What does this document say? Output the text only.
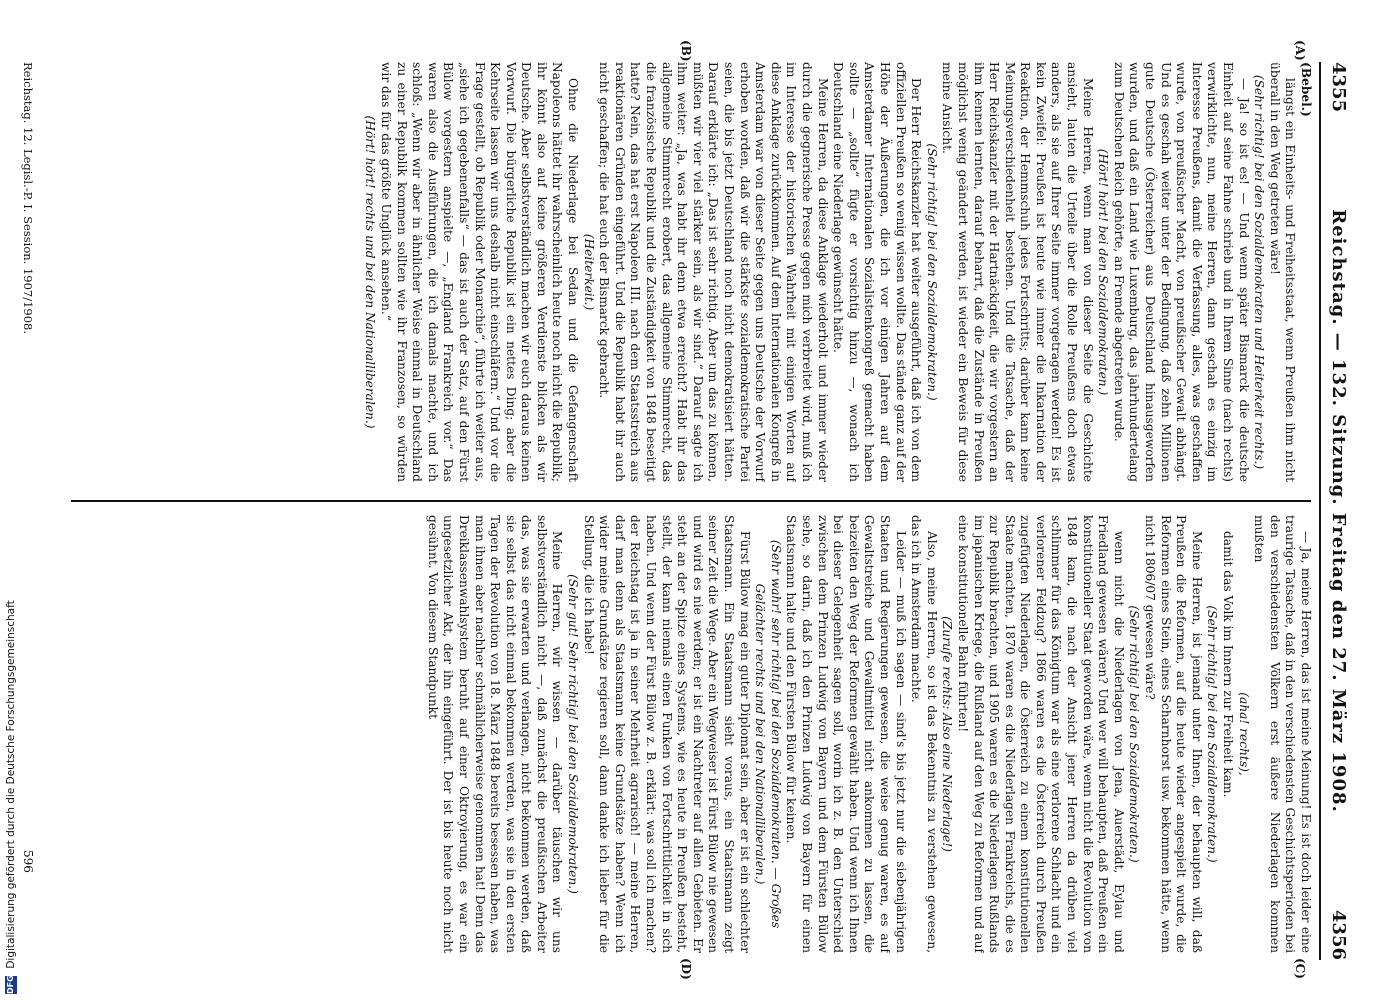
4355
Reichstag. — 132. Sitzung. Freitag den 27. März 1908.
4356
(A)
(B)
(C)
(D)

(Bebel.)

längst ein Einheits- und Freiheitsstaat, wenn Preußen ihm nicht überall in den Weg getreten wäre!

(Sehr richtig! bei den Sozialdemokraten und Heiterkeit rechts.)

— Ja! so ist es! — Und wenn später Bismarck die deutsche Einheit auf seine Fahne schrieb und in Ihrem Sinne (nach rechts) verwirklichte, nun, meine Herren, dann geschah es einzig im Interesse Preußens, damit die Verfassung, alles, was geschaffen wurde, von preußischer Macht, von preußischer Gewalt abhängt. Und es geschah weiter unter der Bedingung, daß zehn Millionen gute Deutsche (Österreicher) aus Deutschland hinausgeworfen wurden, und daß ein Land wie Luxemburg, das jahrhundertelang zum Deutschen Reich gehörte, an Fremde abgetreten wurde.

(Hört! hört! bei den Sozialdemokraten.)

Meine Herren, wenn man von dieser Seite die Geschichte ansieht, lauten die Urteile über die Rolle Preußens doch etwas anders, als sie auf Ihrer Seite immer vorgetragen werden! Es ist kein Zweifel: Preußen ist heute wie immer die Inkarnation der Reaktion, der Hemmschuh jedes Fortschritts; darüber kann keine Meinungsverschiedenheit bestehen. Und die Tatsache, daß der Herr Reichskanzler mit der Hartnäckigkeit, die wir vorgestern an ihm kennen lernten, darauf beharrt, daß die Zustände in Preußen möglichst wenig geändert werden, ist wieder ein Beweis für diese meine Ansicht.

(Sehr richtig! bei den Sozialdemokraten.)

Der Herr Reichskanzler hat weiter ausgeführt, daß ich von dem offiziellen Preußen so wenig wissen wollte. Das stände ganz auf der Höhe der Äußerungen, die ich vor einigen Jahren auf dem Amsterdamer Internationalen Sozialistenkongreß gemacht haben sollte — „sollte“ fügte er vorsichtig hinzu —, wonach ich Deutschland eine Niederlage gewünscht hätte.

Meine Herren, da diese Anklage wiederholt und immer wieder durch die gegnerische Presse gegen mich verbreitet wird, muß ich im Interesse der historischen Wahrheit mit einigen Worten auf diese Anklage zurückkommen. Auf dem Internationalen Kongreß in Amsterdam war von dieser Seite gegen uns Deutsche der Vorwurf erhoben worden, daß wir die stärkste sozialdemokratische Partei seien, die bis jetzt Deutschland noch nicht demokratisiert hätten. Darauf erklärte ich: „Das ist sehr richtig. Aber um das zu können, müßten wir vier viel stärker sein, als wir sind.“ Darauf sagte ich ihm weiter: „Ja, was habt ihr denn etwa erreicht? Habt ihr das allgemeine Stimmrecht erobert, das allgemeine Stimmrecht, das die französische Republik und die Zuständigkeit von 1848 beseitigt hatte? Nein, das hat erst Napoleon III. nach dem Staatsstreich aus reaktionären Gründen eingeführt. Und die Republik habt ihr auch nicht geschaffen; die hat euch der Bismarck gebracht.

(Heiterkeit.)

Ohne die Niederlage bei Sedan und die Gefangenschaft Napoleons hättet ihr wahrscheinlich heute noch nicht die Republik; ihr könnt also auf keine größeren Verdienste blicken als wir Deutsche. Aber selbstverständlich machen wir euch daraus keinen Vorwurf. Die bürgerliche Republik ist ein nettes Ding; aber die Kehrseite lassen wir uns deshalb nicht einschläfern.“ Und vor die Frage gestellt, ob Republik oder Monarchie“, führte ich weiter aus, „siehe ich gegebenenfalls“ — das ist auch der Satz, auf den Fürst Bülow vorgestern anspielte —, „England Frankreich vor.“ Das waren also die Ausführungen, die ich damals machte, und ich schloß: „Wenn wir aber in ähnlicher Weise einmal in Deutschland zu einer Republik kommen sollten wie ihr Franzosen, so würden wir das für das größte Unglück ansehen.“

(Hört! hört! rechts und bei den Nationalliberalen.)

— Ja, meine Herren, das ist meine Meinung! Es ist doch leider eine traurige Tatsache, daß in den verschiedensten Geschichtsperioden bei den verschiedensten Völkern erst äußere Niederlagen kommen mußten

(aha! rechts),

damit das Volk im Innern zur Freiheit kam.

(Sehr richtig! bei den Sozialdemokraten.)

Meine Herren, ist jemand unter Ihnen, der behaupten will, daß Preußen die Reformen, auf die heute wieder angespielt wurde, die Reformen eines Stein, eines Scharnhorst usw. bekommen hätte, wenn nicht 1806/07 gewesen wäre?

(Sehr richtig! bei den Sozialdemokraten.)

wenn nicht die Niederlagen von Jena, Auerstädt, Eylau und Friedland gewesen wären? Und wer will behaupten, daß Preußen ein konstitutioneller Staat geworden wäre, wenn nicht die Revolution von 1848 kam, die nach der Ansicht jener Herren da drüben viel schlimmer für das Königtum war als eine verlorene Schlacht und ein verlorener Feldzug? 1866 waren es die Österreich durch Preußen zugefügten Niederlagen, die Österreich zu einem konstitutionellen Staate machten, 1870 waren es die Niederlagen Frankreichs, die es zur Republik brachten, und 1905 waren es die Niederlagen Rußlands im japanischen Kriege, die Rußland auf den Weg zu Reformen und auf eine konstitutionelle Bahn führten!

(Zurufe rechts: Also eine Niederlage!)

Also, meine Herren, so ist das Bekenntnis zu verstehen gewesen, das ich in Amsterdam machte.

Leider — muß ich sagen — sind's bis jetzt nur die siebenjährigen Staaten und Regierungen gewesen, die weise genug waren, es auf Gewaltstreiche und Gewaltmittel nicht ankommen zu lassen, die beizeiten den Weg der Reformen gewählt haben. Und wenn ich Ihnen bei dieser Gelegenheit sagen soll, worin ich z. B. den Unterschied zwischen dem Prinzen Ludwig von Bayern und dem Fürsten Bülow sehe, so darin, daß ich den Prinzen Ludwig von Bayern für einen Staatsmann halte und den Fürsten Bülow für keinen.

(Sehr wahr! sehr richtig! bei den Sozialdemokraten. — Großes Gelächter rechts und bei den Nationalliberalen.)

Fürst Bülow mag ein guter Diplomat sein, aber er ist ein schlechter Staatsmann. Ein Staatsmann sieht voraus, ein Staatsmann zeigt seiner Zeit die Wege. Aber ein Wegweiser ist Fürst Bülow nie gewesen und wird es nie werden; er ist ein Nachtreter auf allen Gebieten. Er steht an der Spitze eines Systems, wie es heute in Preußen besteht, stellt, der kann niemals einen Funken von Fortschrittlichkeit in sich haben. Und wenn der Fürst Bülow z. B. erklärt: was soll ich machen? der Reichstag ist ja in seiner Mehrheit agrarisch! — meine Herren, darf man denn als Staatsmann keine Grundsätze haben? Wenn ich wider meine Grundsätze regieren soll, dann danke ich lieber für die Stellung, die ich habe!

(Sehr gut! Sehr richtig! bei den Sozialdemokraten.)

Meine Herren, wir wissen — darüber täuschen wir uns selbstverständlich nicht —, daß zunächst die preußischen Arbeiter das, was sie erwarten und verlangen, nicht bekommen werden, daß sie selbst das nicht einmal bekommen werden, was sie in den ersten Tagen der Revolution von 18. März 1848 bereits besessen haben, was man ihnen aber nachher schmählicherweise genommen hat! Denn das Dreiklassenwahlsystem beruht auf einer Oktroyierung, es war ein ungesetzlicher Akt, der ihn eingeführt. Der ist bis heute noch nicht gesühnt. Von diesem Standpunkt

Reichstag. 12. Legisl.-P. I. Session. 1907/1908.
596
DFG Digitalisierung gefördert durch die Deutsche Forschungsgemeinschaft
